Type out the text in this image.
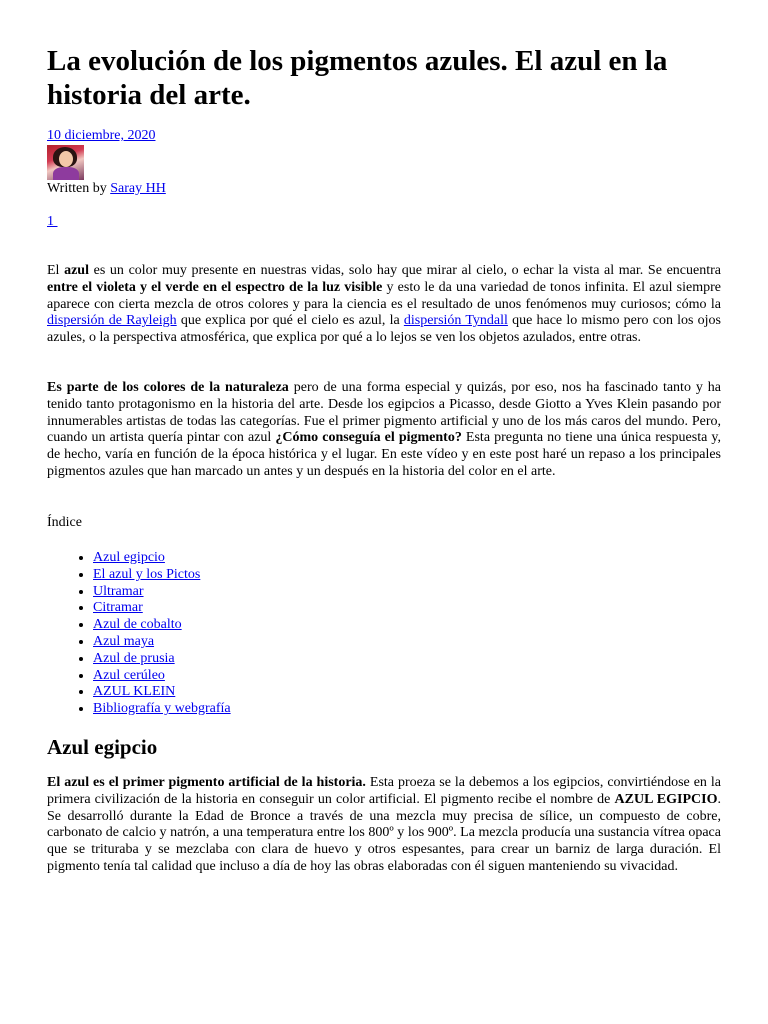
La evolución de los pigmentos azules. El azul en la historia del arte.
10 diciembre, 2020
Written by Saray HH
1

El azul es un color muy presente en nuestras vidas, solo hay que mirar al cielo, o echar la vista al mar. Se encuentra entre el violeta y el verde en el espectro de la luz visible y esto le da una variedad de tonos infinita. El azul siempre aparece con cierta mezcla de otros colores y para la ciencia es el resultado de unos fenómenos muy curiosos; cómo la dispersión de Rayleigh que explica por qué el cielo es azul, la dispersión Tyndall que hace lo mismo pero con los ojos azules, o la perspectiva atmosférica, que explica por qué a lo lejos se ven los objetos azulados, entre otras.

Es parte de los colores de la naturaleza pero de una forma especial y quizás, por eso, nos ha fascinado tanto y ha tenido tanto protagonismo en la historia del arte. Desde los egipcios a Picasso, desde Giotto a Yves Klein pasando por innumerables artistas de todas las categorías. Fue el primer pigmento artificial y uno de los más caros del mundo. Pero, cuando un artista quería pintar con azul ¿Cómo conseguía el pigmento? Esta pregunta no tiene una única respuesta y, de hecho, varía en función de la época histórica y el lugar. En este vídeo y en este post haré un repaso a los principales pigmentos azules que han marcado un antes y un después en la historia del color en el arte.

Índice
• Azul egipcio
• El azul y los Pictos
• Ultramar
• Citramar
• Azul de cobalto
• Azul maya
• Azul de prusia
• Azul cerúleo
• AZUL KLEIN
• Bibliografía y webgrafía
Azul egipcio

El azul es el primer pigmento artificial de la historia. Esta proeza se la debemos a los egipcios, convirtiéndose en la primera civilización de la historia en conseguir un color artificial. El pigmento recibe el nombre de AZUL EGIPCIO. Se desarrolló durante la Edad de Bronce a través de una mezcla muy precisa de sílice, un compuesto de cobre, carbonato de calcio y natrón, a una temperatura entre los 800º y los 900º. La mezcla producía una sustancia vítrea opaca que se trituraba y se mezclaba con clara de huevo y otros espesantes, para crear un barniz de larga duración. El pigmento tenía tal calidad que incluso a día de hoy las obras elaboradas con él siguen manteniendo su vivacidad.
